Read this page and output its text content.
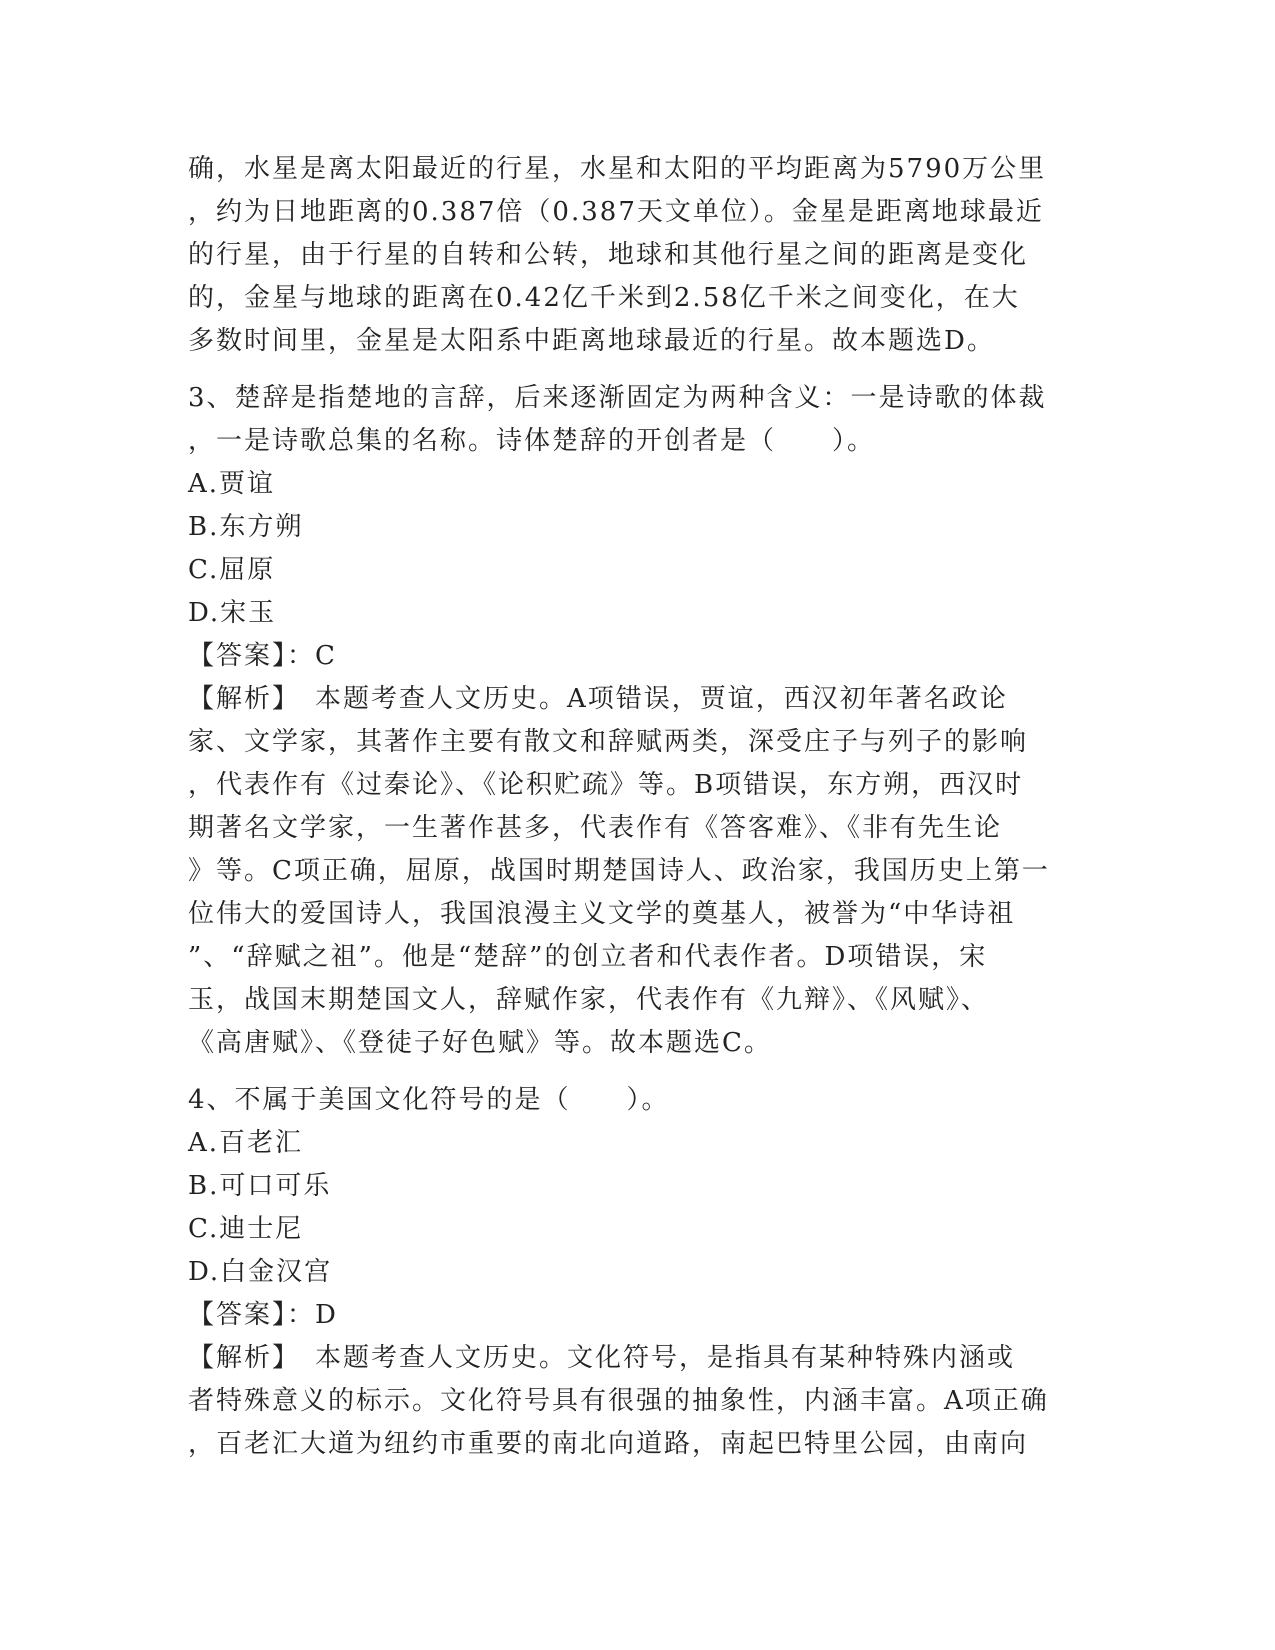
确，水星是离太阳最近的行星，水星和太阳的平均距离为5790万公里
，约为日地距离的0.387倍（0.387天文单位）。金星是距离地球最近
的行星，由于行星的自转和公转，地球和其他行星之间的距离是变化
的，金星与地球的距离在0.42亿千米到2.58亿千米之间变化，在大
多数时间里，金星是太阳系中距离地球最近的行星。故本题选D。
3、楚辞是指楚地的言辞，后来逐渐固定为两种含义：一是诗歌的体裁
，一是诗歌总集的名称。诗体楚辞的开创者是（　　）。
A.贾谊
B.东方朔
C.屈原
D.宋玉
【答案】：C
【解析】　本题考查人文历史。A项错误，贾谊，西汉初年著名政论
家、文学家，其著作主要有散文和辞赋两类，深受庄子与列子的影响
，代表作有《过秦论》、《论积贮疏》等。B项错误，东方朔，西汉时
期著名文学家，一生著作甚多，代表作有《答客难》、《非有先生论
》等。C项正确，屈原，战国时期楚国诗人、政治家，我国历史上第一
位伟大的爱国诗人，我国浪漫主义文学的奠基人，被誉为“中华诗祖
”、“辞赋之祖”。他是“楚辞”的创立者和代表作者。D项错误，宋
玉，战国末期楚国文人，辞赋作家，代表作有《九辩》、《风赋》、
《高唐赋》、《登徒子好色赋》等。故本题选C。
4、不属于美国文化符号的是（　　）。
A.百老汇
B.可口可乐
C.迪士尼
D.白金汉宫
【答案】：D
【解析】　本题考查人文历史。文化符号，是指具有某种特殊内涵或
者特殊意义的标示。文化符号具有很强的抽象性，内涵丰富。A项正确
，百老汇大道为纽约市重要的南北向道路，南起巴特里公园，由南向
